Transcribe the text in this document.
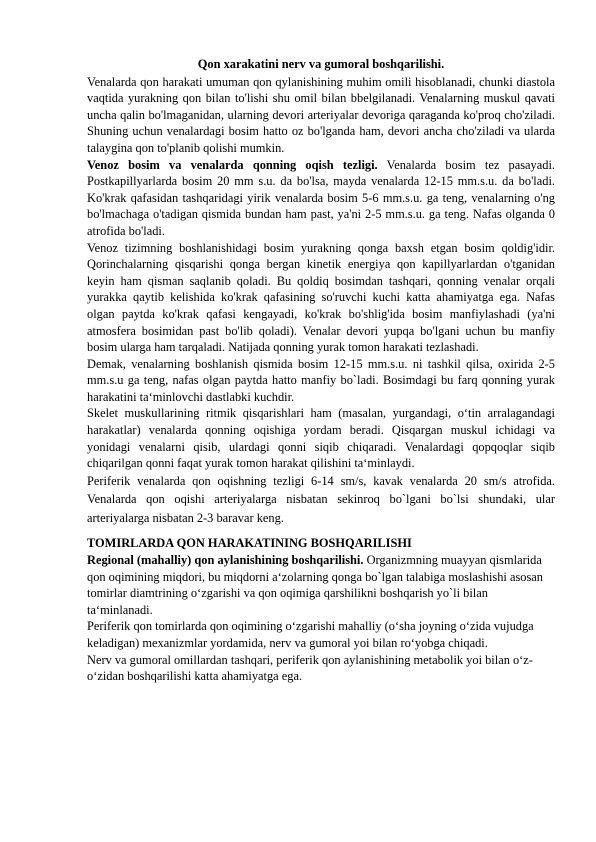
Qon xarakatini nerv va gumoral boshqarilishi.

Venalarda qon harakati umuman qon qylanishining muhim omili hisoblanadi, chunki diastola vaqtida yurakning qon bilan to'lishi shu omil bilan bbelgilanadi. Venalarning muskul qavati uncha qalin bo'lmaganidan, ularning devori arteriyalar devoriga qaraganda ko'proq cho'ziladi. Shuning uchun venalardagi bosim hatto oz bo'lganda ham, devori ancha cho'ziladi va ularda talaygina qon to'planib qolishi mumkin.

Venoz bosim va venalarda qonning oqish tezligi. Venalarda bosim tez pasayadi. Postkapillyarlarda bosim 20 mm s.u. da bo'lsa, mayda venalarda 12-15 mm.s.u. da bo'ladi. Ko'krak qafasidan tashqaridagi yirik venalarda bosim 5-6 mm.s.u. ga teng, venalarning o'ng bo'lmachaga o'tadigan qismida bundan ham past, ya'ni 2-5 mm.s.u. ga teng. Nafas olganda 0 atrofida bo'ladi.

Venoz tizimning boshlanishidagi bosim yurakning qonga baxsh etgan bosim qoldig'idir. Qorinchalarning qisqarishi qonga bergan kinetik energiya qon kapillyarlardan o'tganidan keyin ham qisman saqlanib qoladi. Bu qoldiq bosimdan tashqari, qonning venalar orqali yurakka qaytib kelishida ko'krak qafasining so'ruvchi kuchi katta ahamiyatga ega. Nafas olgan paytda ko'krak qafasi kengayadi, ko'krak bo'shlig'ida bosim manfiylashadi (ya'ni atmosfera bosimidan past bo'lib qoladi). Venalar devori yupqa bo'lgani uchun bu manfiy bosim ularga ham tarqaladi. Natijada qonning yurak tomon harakati tezlashadi.

Demak, venalarning boshlanish qismida bosim 12-15 mm.s.u. ni tashkil qilsa, oxirida 2-5 mm.s.u ga teng, nafas olgan paytda hatto manfiy bo`ladi. Bosimdagi bu farq qonning yurak harakatini ta‘minlovchi dastlabki kuchdir.

Skelet muskullarining ritmik qisqarishlari ham (masalan, yurgandagi, o‘tin arralagandagi harakatlar) venalarda qonning oqishiga yordam beradi. Qisqargan muskul ichidagi va yonidagi venalarni qisib, ulardagi qonni siqib chiqaradi. Venalardagi qopqoqlar siqib chiqarilgan qonni faqat yurak tomon harakat qilishini ta‘minlaydi.

Periferik venalarda qon oqishning tezligi 6-14 sm/s, kavak venalarda 20 sm/s atrofida. Venalarda qon oqishi arteriyalarga nisbatan sekinroq bo`lgani bo`lsi shundaki, ular arteriyalarga nisbatan 2-3 baravar keng.

TOMIRLARDA QON HARAKATINING BOSHQARILISHI

Regional (mahalliy) qon aylanishining boshqarilishi. Organizmning muayyan qismlarida qon oqimining miqdori, bu miqdorni a‘zolarning qonga bo`lgan talabiga moslashishi asosan tomirlar diamtrining o‘zgarishi va qon oqimiga qarshilikni boshqarish yo`li bilan ta‘minlanadi.

Periferik qon tomirlarda qon oqimining o‘zgarishi mahalliy (o‘sha joyning o‘zida vujudga keladigan) mexanizmlar yordamida, nerv va gumoral yoi bilan ro‘yobga chiqadi.

Nerv va gumoral omillardan tashqari, periferik qon aylanishining metabolik yoi bilan o‘z-o‘zidan boshqarilishi katta ahamiyatga ega.
